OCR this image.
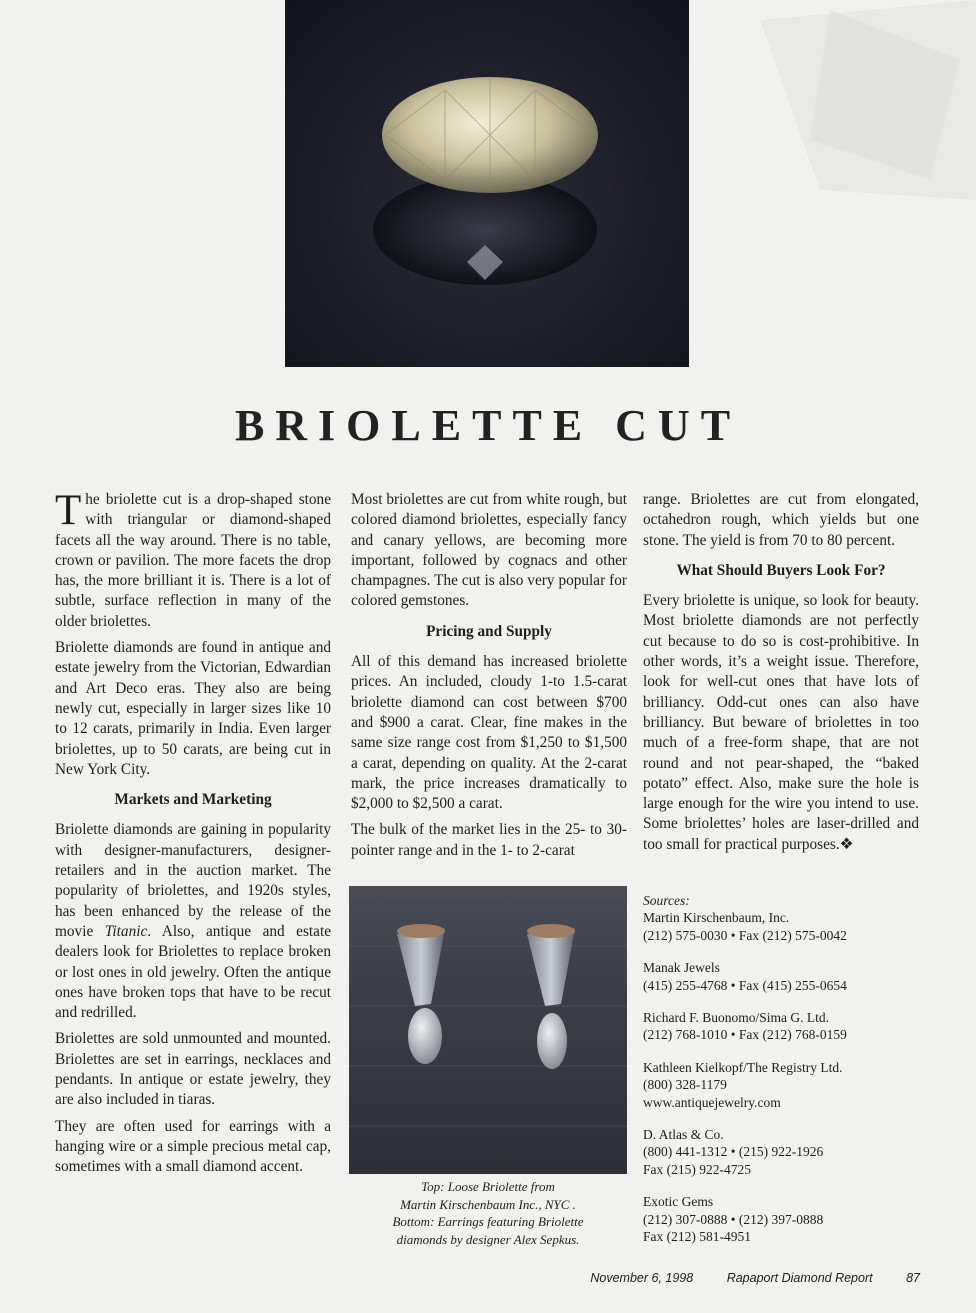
BRIOLETTE CUT

The briolette cut is a drop-shaped stone with triangular or diamond-shaped facets all the way around. There is no table, crown or pavilion. The more facets the drop has, the more brilliant it is. There is a lot of subtle, surface reflection in many of the older briolettes.

Briolette diamonds are found in antique and estate jewelry from the Victorian, Edwardian and Art Deco eras. They also are being newly cut, especially in larger sizes like 10 to 12 carats, primarily in India. Even larger briolettes, up to 50 carats, are being cut in New York City.

Markets and Marketing

Briolette diamonds are gaining in popularity with designer-manufacturers, designer-retailers and in the auction market. The popularity of briolettes, and 1920s styles, has been enhanced by the release of the movie Titanic. Also, antique and estate dealers look for Briolettes to replace broken or lost ones in old jewelry. Often the antique ones have broken tops that have to be recut and redrilled.

Briolettes are sold unmounted and mounted. Briolettes are set in earrings, necklaces and pendants. In antique or estate jewelry, they are also included in tiaras.

They are often used for earrings with a hanging wire or a simple precious metal cap, sometimes with a small diamond accent.

Most briolettes are cut from white rough, but colored diamond briolettes, especially fancy and canary yellows, are becoming more important, followed by cognacs and other champagnes. The cut is also very popular for colored gemstones.

Pricing and Supply

All of this demand has increased briolette prices. An included, cloudy 1-to 1.5-carat briolette diamond can cost between $700 and $900 a carat. Clear, fine makes in the same size range cost from $1,250 to $1,500 a carat, depending on quality. At the 2-carat mark, the price increases dramatically to $2,000 to $2,500 a carat.

The bulk of the market lies in the 25- to 30-pointer range and in the 1- to 2-carat

Top: Loose Briolette from
Martin Kirschenbaum Inc., NYC .
Bottom: Earrings featuring Briolette
diamonds by designer Alex Sepkus.

range. Briolettes are cut from elongated, octahedron rough, which yields but one stone. The yield is from 70 to 80 percent.

What Should Buyers Look For?

Every briolette is unique, so look for beauty. Most briolette diamonds are not perfectly cut because to do so is cost-prohibitive. In other words, it’s a weight issue. Therefore, look for well-cut ones that have lots of brilliancy. Odd-cut ones can also have brilliancy. But beware of briolettes in too much of a free-form shape, that are not round and not pear-shaped, the “baked potato” effect. Also, make sure the hole is large enough for the wire you intend to use. Some briolettes’ holes are laser-drilled and too small for practical purposes.❖

Sources:
Martin Kirschenbaum, Inc.
(212) 575-0030 • Fax (212) 575-0042
Manak Jewels
(415) 255-4768 • Fax (415) 255-0654
Richard F. Buonomo/Sima G. Ltd.
(212) 768-1010 • Fax (212) 768-0159
Kathleen Kielkopf/The Registry Ltd.
(800) 328-1179
www.antiquejewelry.com
D. Atlas & Co.
(800) 441-1312 • (215) 922-1926
Fax (215) 922-4725
Exotic Gems
(212) 307-0888 • (212) 397-0888
Fax (212) 581-4951
November 6, 1998	Rapaport Diamond Report	87
